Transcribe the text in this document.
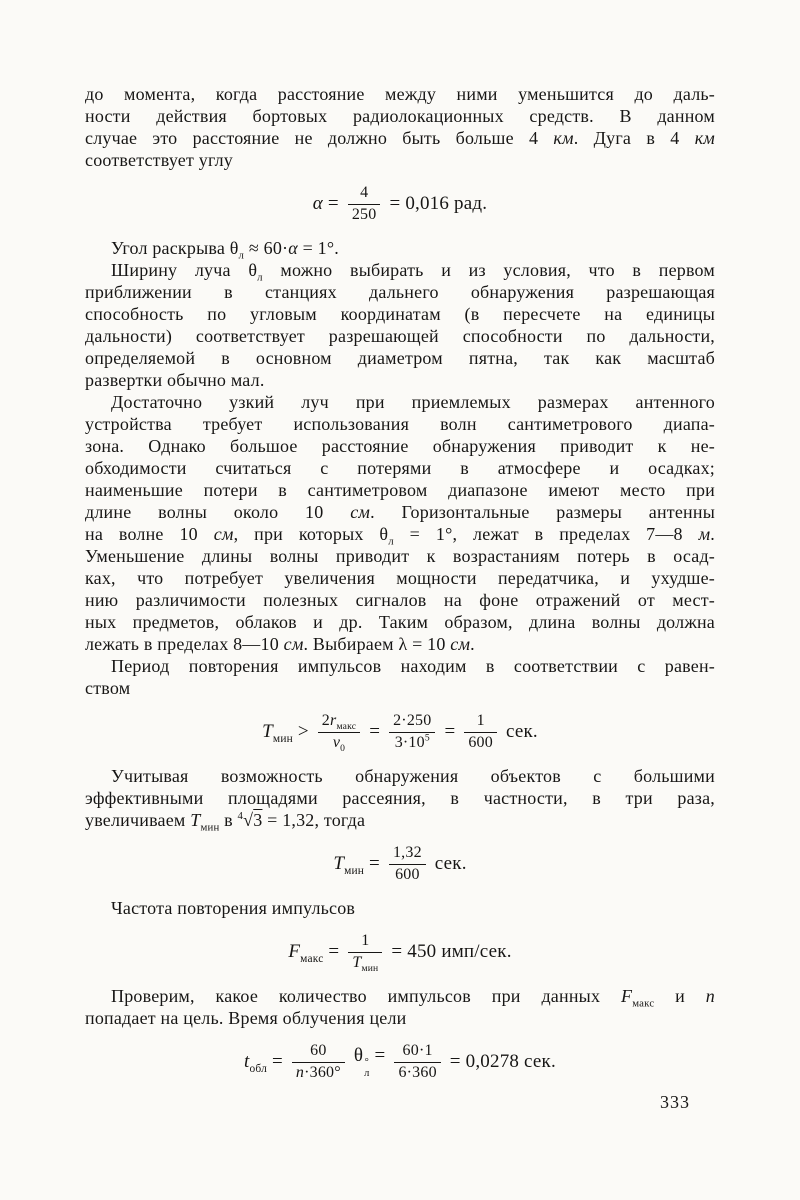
до момента, когда расстояние между ними уменьшится до даль-
ности действия бортовых радиолокационных средств. В данном
случае это расстояние не должно быть больше 4 км. Дуга в 4 км
соответствует углу

$\alpha = \frac{4}{250} = 0,016$ рад.

Угол раскрыва $\theta_л \approx 60\cdot\alpha = 1^\circ$.

Ширину луча $\theta_л$ можно выбирать и из условия, что в первом
приближении в станциях дальнего обнаружения разрешающая
способность по угловым координатам (в пересчете на единицы
дальности) соответствует разрешающей способности по дальности,
определяемой в основном диаметром пятна, так как масштаб
развертки обычно мал.

Достаточно узкий луч при приемлемых размерах антенного
устройства требует использования волн сантиметрового диапа-
зона. Однако большое расстояние обнаружения приводит к не-
обходимости считаться с потерями в атмосфере и осадках;
наименьшие потери в сантиметровом диапазоне имеют место при
длине волны около 10 см. Горизонтальные размеры антенны
на волне 10 см, при которых $\theta_л = 1^\circ$, лежат в пределах 7—8 м.
Уменьшение длины волны приводит к возрастаниям потерь в осад-
ках, что потребует увеличения мощности передатчика, и ухудше-
нию различимости полезных сигналов на фоне отражений от мест-
ных предметов, облаков и др. Таким образом, длина волны должна
лежать в пределах 8—10 см. Выбираем λ = 10 см.

Период повторения импульсов находим в соответствии с равен-
ством

$T_{мин} > \frac{2r_{макс}}{v_0} = \frac{2\cdot 250}{3\cdot 10^5} = \frac{1}{600}$ сек.

Учитывая возможность обнаружения объектов с большими
эффективными площадями рассеяния, в частности, в три раза,
увеличиваем $T_{мин}$ в $^4$√3 = 1,32, тогда

$T_{мин} = \frac{1,32}{600}$ сек.

Частота повторения импульсов

$F_{макс} = \frac{1}{T_{мин}} = 450$ имп/сек.

Проверим, какое количество импульсов при данных $F_{макс}$ и n
попадает на цель. Время облучения цели

$t_{обл} = \frac{60}{n\cdot 360^\circ}$ θ °
л
= $\frac{60\cdot 1}{6\cdot 360} = 0,0278$ сек.
333
